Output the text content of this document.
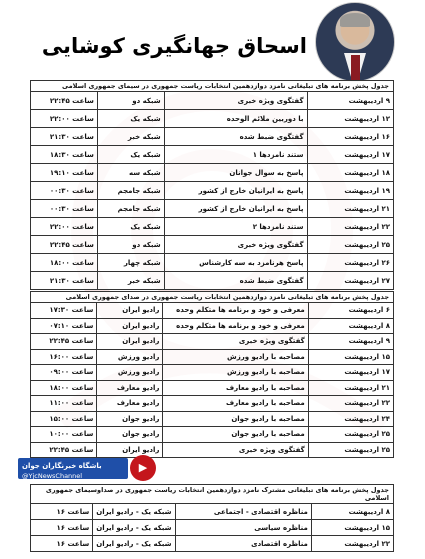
اسحاق جهانگیری کوشایی
جدول پخش برنامه های تبلیغاتی نامزد دوازدهمین انتخابات ریاست جمهوری در سیمای جمهوری اسلامی
۹ اردیبهشت	گفتگوی ویژه خبری	شبکه دو	ساعت ۲۲:۴۵
۱۲ اردیبهشت	با دوربین ملائم الوحده	شبکه یک	ساعت ۲۲:۰۰
۱۶ اردیبهشت	گفتگوی ضبط شده	شبکه خبر	ساعت ۲۱:۳۰
۱۷ اردیبهشت	ستند نامزدها ۱	شبکه یک	ساعت ۱۸:۳۰
۱۸ اردیبهشت	پاسخ به سوال جوانان	شبکه سه	ساعت ۱۹:۱۰
۱۹ اردیبهشت	پاسخ به ایرانیان خارج از کشور	شبکه جامجم	ساعت ۰۰:۳۰
۲۱ اردیبهشت	پاسخ به ایرانیان خارج از کشور	شبکه جامجم	ساعت ۰۰:۳۰
۲۲ اردیبهشت	ستند نامزدها ۲	شبکه یک	ساعت ۲۲:۰۰
۲۵ اردیبهشت	گفتگوی ویژه خبری	شبکه دو	ساعت ۲۲:۴۵
۲۶ اردیبهشت	پاسخ هرنامزد به سه کارشناس	شبکه چهار	ساعت ۱۸:۰۰
۲۷ اردیبهشت	گفتگوی ضبط شده	شبکه خبر	ساعت ۲۱:۳۰
جدول پخش برنامه های تبلیغاتی نامزد دوازدهمین انتخابات ریاست جمهوری در صدای جمهوری اسلامی
۶ اردیبهشت	معرفی و خود و برنامه ها متکلم وحده	رادیو ایران	ساعت ۱۷:۳۰
۸ اردیبهشت	معرفی و خود و برنامه ها متکلم وحده	رادیو ایران	ساعت ۰۷:۱۰
۹ اردیبهشت	گفتگوی ویژه خبری	رادیو ایران	ساعت ۲۲:۴۵
۱۵ اردیبهشت	مصاحبه با رادیو ورزش	رادیو ورزش	ساعت ۱۶:۰۰
۱۷ اردیبهشت	مصاحبه با رادیو ورزش	رادیو ورزش	ساعت ۰۹:۰۰
۲۱ اردیبهشت	مصاحبه با رادیو معارف	رادیو معارف	ساعت ۱۸:۰۰
۲۲ اردیبهشت	مصاحبه با رادیو معارف	رادیو معارف	ساعت ۱۱:۰۰
۲۴ اردیبهشت	مصاحبه با رادیو جوان	رادیو جوان	ساعت ۱۵:۰۰
۲۵ اردیبهشت	مصاحبه با رادیو جوان	رادیو جوان	ساعت ۱۰:۰۰
۲۵ اردیبهشت	گفتگوی ویژه خبری	رادیو ایران	ساعت ۲۲:۴۵
باشگاه خبرنگاران جوان
@YjcNewsChannel
▶
جدول پخش برنامه های تبلیغاتی مشترک نامزد دوازدهمین انتخابات ریاست جمهوری در صداوسیمای جمهوری اسلامی
۸ اردیبهشت	مناظره اقتصادی - اجتماعی	شبکه یک - رادیو ایران	ساعت ۱۶
۱۵ اردیبهشت	مناظره سیاسی	شبکه یک - رادیو ایران	ساعت ۱۶
۲۲ اردیبهشت	مناظره اقتصادی	شبکه یک - رادیو ایران	ساعت ۱۶
